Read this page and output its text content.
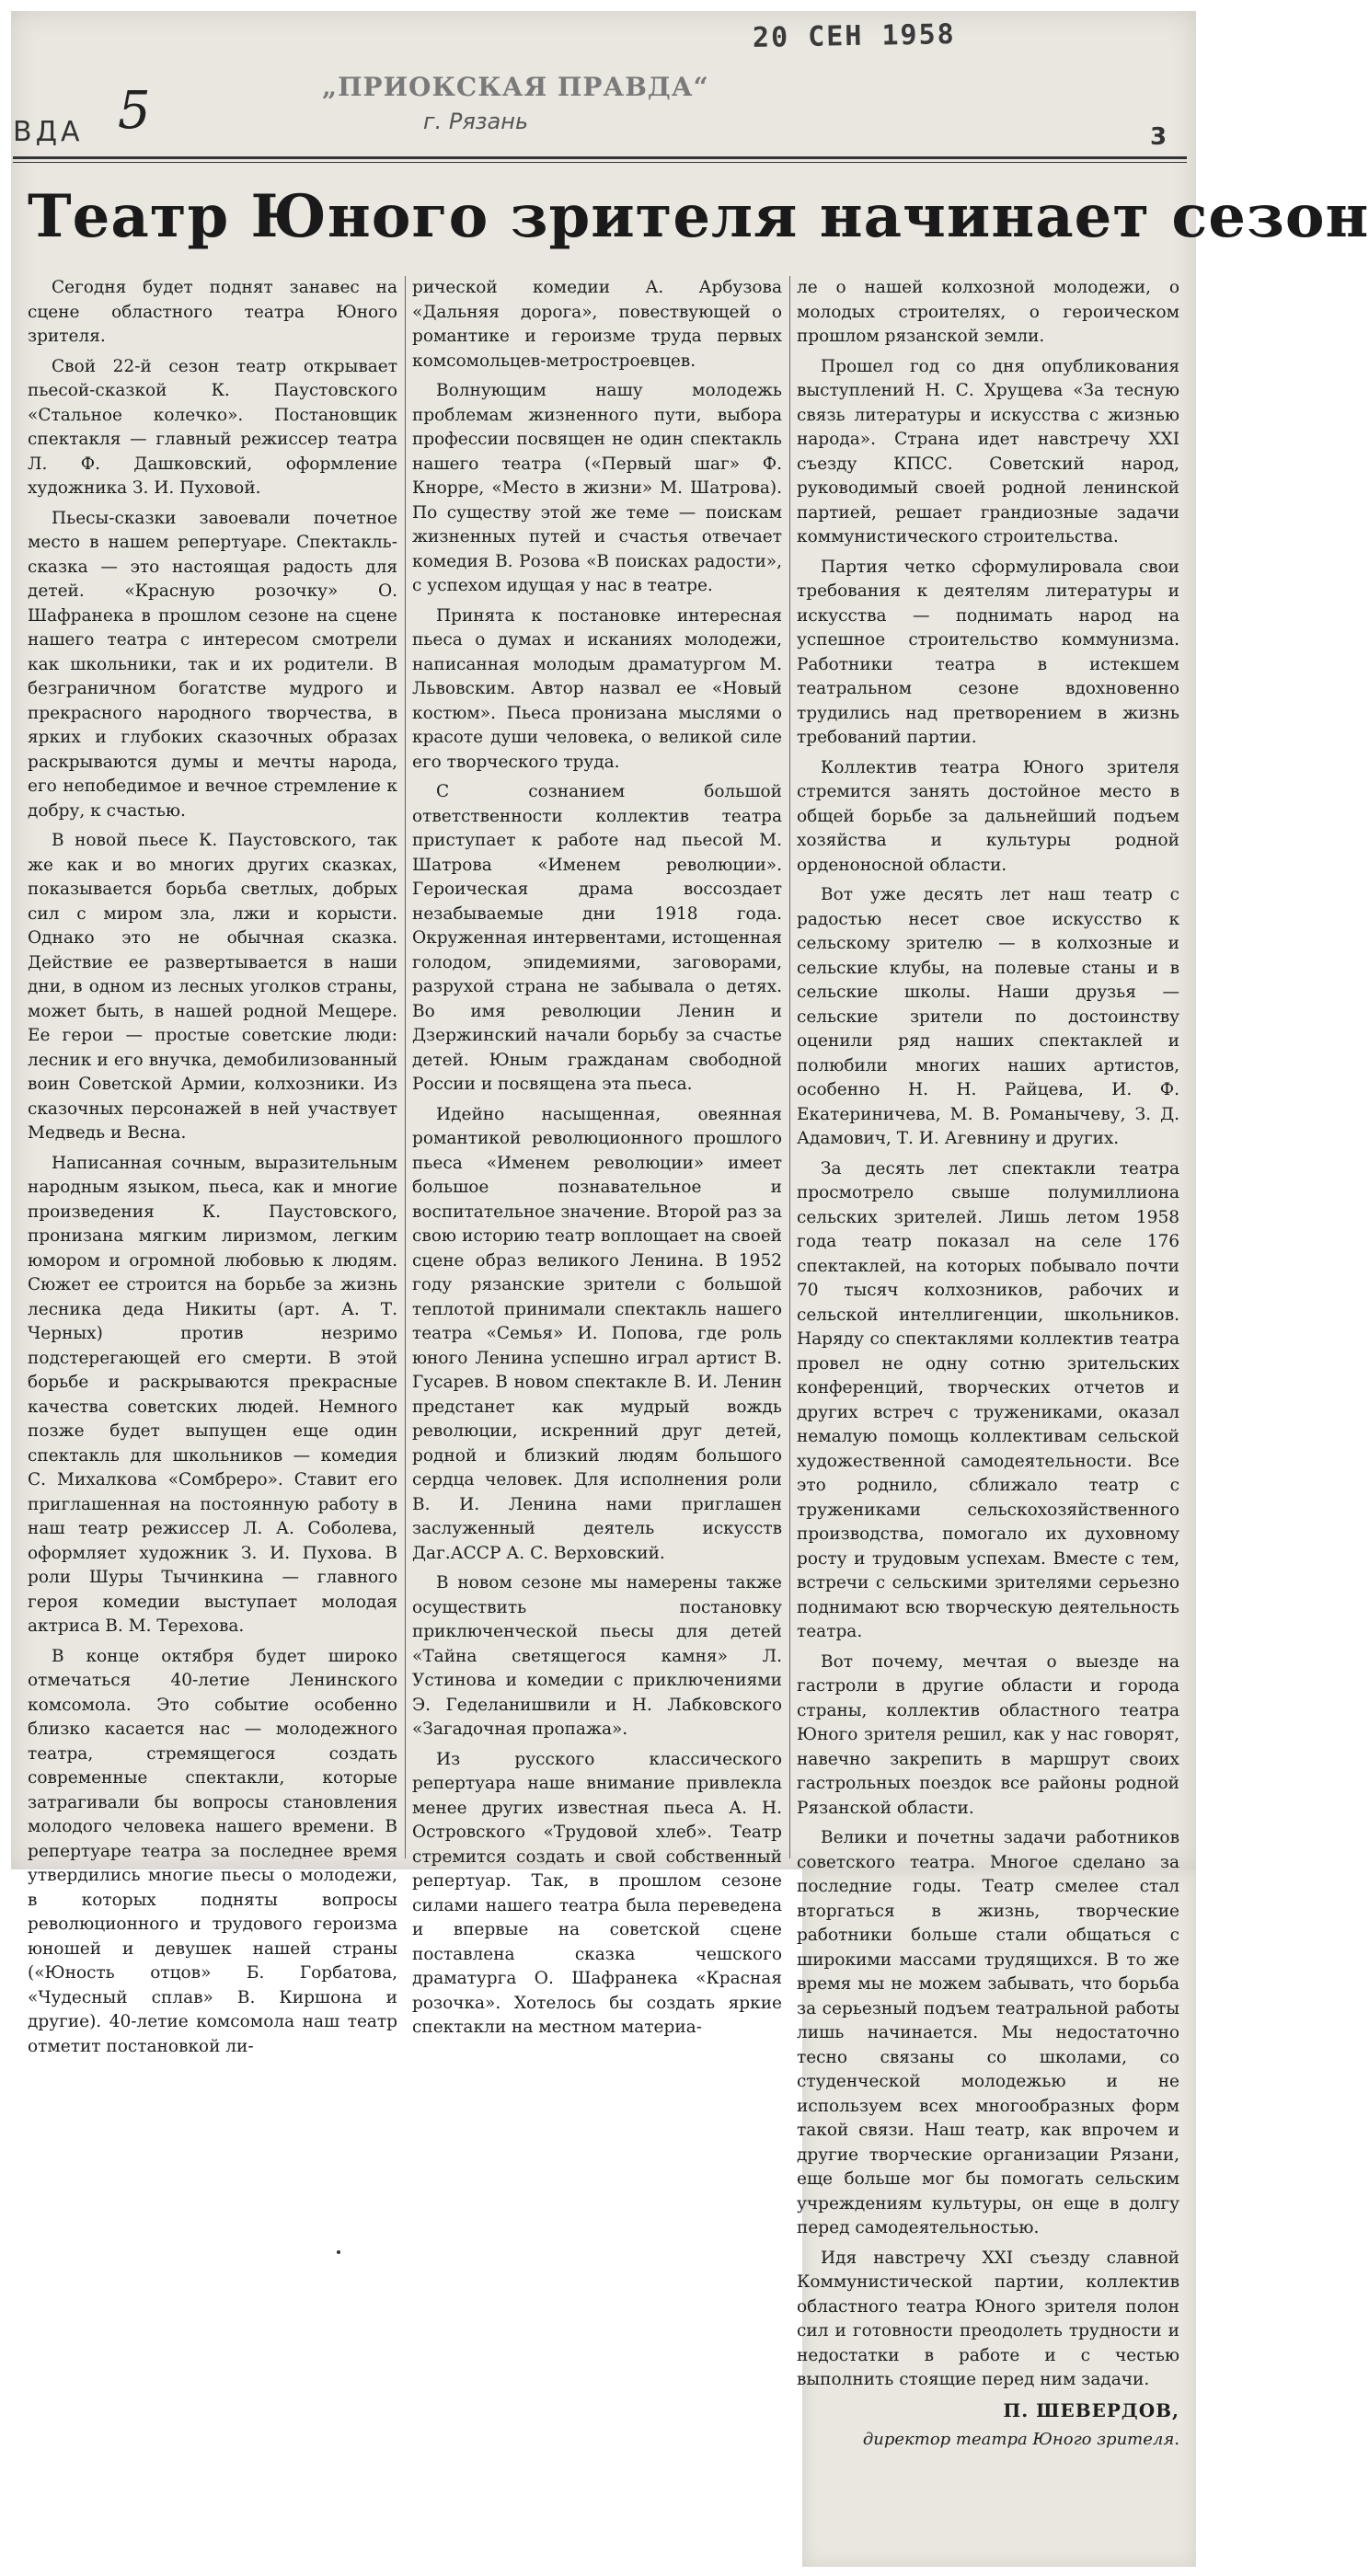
20 СЕН 1958
„ПРИОКСКАЯ ПРАВДА“
г. Рязань
ВДА 5	3
Театр Юного зрителя начинает сезон

Сегодня будет поднят занавес на сцене областного театра Юного зрителя.

Свой 22-й сезон театр открывает пьесой-сказкой К. Паустовского «Стальное колечко». Постановщик спектакля — главный режиссер театра Л. Ф. Дашковский, оформление художника З. И. Пуховой.

Пьесы-сказки завоевали почетное место в нашем репертуаре. Спектакль-сказка — это настоящая радость для детей. «Красную розочку» О. Шафранека в прошлом сезоне на сцене нашего театра с интересом смотрели как школьники, так и их родители. В безграничном богатстве мудрого и прекрасного народного творчества, в ярких и глубоких сказочных образах раскрываются думы и мечты народа, его непобедимое и вечное стремление к добру, к счастью.

В новой пьесе К. Паустовского, так же как и во многих других сказках, показывается борьба светлых, добрых сил с миром зла, лжи и корысти. Однако это не обычная сказка. Действие ее развертывается в наши дни, в одном из лесных уголков страны, может быть, в нашей родной Мещере. Ее герои — простые советские люди: лесник и его внучка, демобилизованный воин Советской Армии, колхозники. Из сказочных персонажей в ней участвует Медведь и Весна.

Написанная сочным, выразительным народным языком, пьеса, как и многие произведения К. Паустовского, пронизана мягким лиризмом, легким юмором и огромной любовью к людям. Сюжет ее строится на борьбе за жизнь лесника деда Никиты (арт. А. Т. Черных) против незримо подстерегающей его смерти. В этой борьбе и раскрываются прекрасные качества советских людей. Немного позже будет выпущен еще один спектакль для школьников — комедия С. Михалкова «Сомбреро». Ставит его приглашенная на постоянную работу в наш театр режиссер Л. А. Соболева, оформляет художник З. И. Пухова. В роли Шуры Тычинкина — главного героя комедии выступает молодая актриса В. М. Терехова.

В конце октября будет широко отмечаться 40-летие Ленинского комсомола. Это событие особенно близко касается нас — молодежного театра, стремящегося создать современные спектакли, которые затрагивали бы вопросы становления молодого человека нашего времени. В репертуаре театра за последнее время утвердились многие пьесы о молодежи, в которых подняты вопросы революционного и трудового героизма юношей и девушек нашей страны («Юность отцов» Б. Горбатова, «Чудесный сплав» В. Киршона и другие). 40-летие комсомола наш театр отметит постановкой ли-

рической комедии А. Арбузова «Дальняя дорога», повествующей о романтике и героизме труда первых комсомольцев-метростроевцев.

Волнующим нашу молодежь проблемам жизненного пути, выбора профессии посвящен не один спектакль нашего театра («Первый шаг» Ф. Кнорре, «Место в жизни» М. Шатрова). По существу этой же теме — поискам жизненных путей и счастья отвечает комедия В. Розова «В поисках радости», с успехом идущая у нас в театре.

Принята к постановке интересная пьеса о думах и исканиях молодежи, написанная молодым драматургом М. Львовским. Автор назвал ее «Новый костюм». Пьеса пронизана мыслями о красоте души человека, о великой силе его творческого труда.

С сознанием большой ответственности коллектив театра приступает к работе над пьесой М. Шатрова «Именем революции». Героическая драма воссоздает незабываемые дни 1918 года. Окруженная интервентами, истощенная голодом, эпидемиями, заговорами, разрухой страна не забывала о детях. Во имя революции Ленин и Дзержинский начали борьбу за счастье детей. Юным гражданам свободной России и посвящена эта пьеса.

Идейно насыщенная, овеянная романтикой революционного прошлого пьеса «Именем революции» имеет большое познавательное и воспитательное значение. Второй раз за свою историю театр воплощает на своей сцене образ великого Ленина. В 1952 году рязанские зрители с большой теплотой принимали спектакль нашего театра «Семья» И. Попова, где роль юного Ленина успешно играл артист В. Гусарев. В новом спектакле В. И. Ленин предстанет как мудрый вождь революции, искренний друг детей, родной и близкий людям большого сердца человек. Для исполнения роли В. И. Ленина нами приглашен заслуженный деятель искусств Даг.АССР А. С. Верховский.

В новом сезоне мы намерены также осуществить постановку приключенческой пьесы для детей «Тайна светящегося камня» Л. Устинова и комедии с приключениями Э. Геделанишвили и Н. Лабковского «Загадочная пропажа».

Из русского классического репертуара наше внимание привлекла менее других известная пьеса А. Н. Островского «Трудовой хлеб». Театр стремится создать и свой собственный репертуар. Так, в прошлом сезоне силами нашего театра была переведена и впервые на советской сцене поставлена сказка чешского драматурга О. Шафранека «Красная розочка». Хотелось бы создать яркие спектакли на местном материа-

ле о нашей колхозной молодежи, о молодых строителях, о героическом прошлом рязанской земли.

Прошел год со дня опубликования выступлений Н. С. Хрущева «За тесную связь литературы и искусства с жизнью народа». Страна идет навстречу XXI съезду КПСС. Советский народ, руководимый своей родной ленинской партией, решает грандиозные задачи коммунистического строительства.

Партия четко сформулировала свои требования к деятелям литературы и искусства — поднимать народ на успешное строительство коммунизма. Работники театра в истекшем театральном сезоне вдохновенно трудились над претворением в жизнь требований партии.

Коллектив театра Юного зрителя стремится занять достойное место в общей борьбе за дальнейший подъем хозяйства и культуры родной орденоносной области.

Вот уже десять лет наш театр с радостью несет свое искусство к сельскому зрителю — в колхозные и сельские клубы, на полевые станы и в сельские школы. Наши друзья — сельские зрители по достоинству оценили ряд наших спектаклей и полюбили многих наших артистов, особенно Н. Н. Райцева, И. Ф. Екатериничева, М. В. Романычеву, З. Д. Адамович, Т. И. Агевнину и других.

За десять лет спектакли театра просмотрело свыше полумиллиона сельских зрителей. Лишь летом 1958 года театр показал на селе 176 спектаклей, на которых побывало почти 70 тысяч колхозников, рабочих и сельской интеллигенции, школьников. Наряду со спектаклями коллектив театра провел не одну сотню зрительских конференций, творческих отчетов и других встреч с тружениками, оказал немалую помощь коллективам сельской художественной самодеятельности. Все это роднило, сближало театр с тружениками сельскохозяйственного производства, помогало их духовному росту и трудовым успехам. Вместе с тем, встречи с сельскими зрителями серьезно поднимают всю творческую деятельность театра.

Вот почему, мечтая о выезде на гастроли в другие области и города страны, коллектив областного театра Юного зрителя решил, как у нас говорят, навечно закрепить в маршрут своих гастрольных поездок все районы родной Рязанской области.

Велики и почетны задачи работников советского театра. Многое сделано за последние годы. Театр смелее стал вторгаться в жизнь, творческие работники больше стали общаться с широкими массами трудящихся. В то же время мы не можем забывать, что борьба за серьезный подъем театральной работы лишь начинается. Мы недостаточно тесно связаны со школами, со студенческой молодежью и не используем всех многообразных форм такой связи. Наш театр, как впрочем и другие творческие организации Рязани, еще больше мог бы помогать сельским учреждениям культуры, он еще в долгу перед самодеятельностью.

Идя навстречу XXI съезду славной Коммунистической партии, коллектив областного театра Юного зрителя полон сил и готовности преодолеть трудности и недостатки в работе и с честью выполнить стоящие перед ним задачи.

П. ШЕВЕРДОВ,

директор театра Юного зрителя.
